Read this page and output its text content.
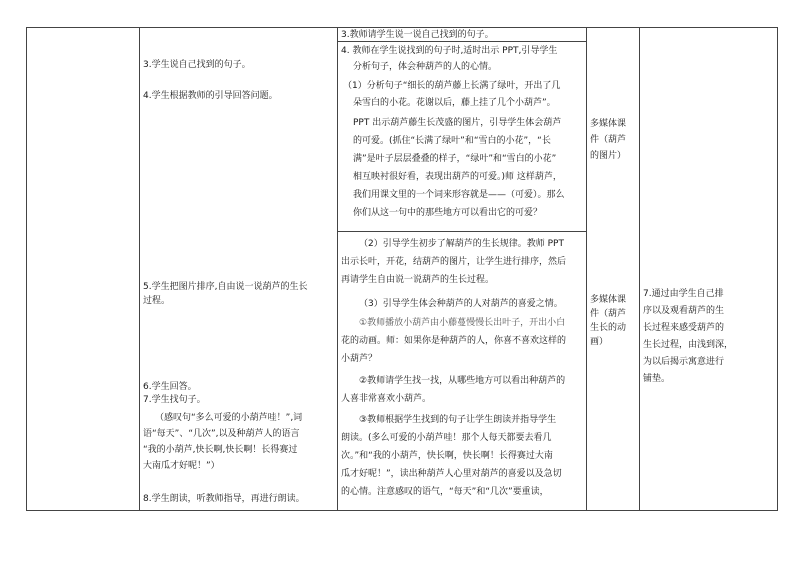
3.学生说自己找到的句子。
4.学生根据教师的引导回答问题。
5.学生把图片排序,自由说一说葫芦的生长
过程。
6.学生回答。
7.学生找句子。
（感叹句“多么可爱的小葫芦哇！”,词
语“每天”、“几次”,以及种葫芦人的语言
“我的小葫芦,快长啊,快长啊！长得赛过
大南瓜才好呢！”）
8.学生朗读，听教师指导，再进行朗读。
3.教师请学生说一说自己找到的句子。
4. 教师在学生说找到的句子时,适时出示 PPT,引导学生
分析句子，体会种葫芦的人的心情。
（1）分析句子“细长的葫芦藤上长满了绿叶，开出了几
朵雪白的小花。花谢以后，藤上挂了几个小葫芦”。
PPT 出示葫芦藤生长茂盛的图片，引导学生体会葫芦
的可爱。(抓住“长满了绿叶”和“雪白的小花”，“长
满”是叶子层层叠叠的样子，“绿叶”和“雪白的小花”
相互映衬很好看，表现出葫芦的可爱。)师 这样葫芦，
我们用课文里的一个词来形容就是——（可爱）。那么
你们从这一句中的那些地方可以看出它的可爱？
（2）引导学生初步了解葫芦的生长规律。教师 PPT
出示长叶，开花，结葫芦的图片，让学生进行排序，然后
再请学生自由说一说葫芦的生长过程。
（3）引导学生体会种葫芦的人对葫芦的喜爱之情。
①教师播放小葫芦由小藤蔓慢慢长出叶子，开出小白
花的动画。师：如果你是种葫芦的人，你喜不喜欢这样的
小葫芦？
②教师请学生找一找，从哪些地方可以看出种葫芦的
人喜非常喜欢小葫芦。
③教师根据学生找到的句子让学生朗读并指导学生
朗读。(多么可爱的小葫芦哇！那个人每天都要去看几
次。”和“我的小葫芦，快长啊，快长啊！长得赛过大南
瓜才好呢！”，读出种葫芦人心里对葫芦的喜爱以及急切
的心情。注意感叹的语气，“每天”和“几次”要重读，
多媒体课
件（葫芦
的图片）
多媒体课
件（葫芦
生长的动
画）
7.通过由学生自己排
序以及观看葫芦的生
长过程来感受葫芦的
生长过程，由浅到深，
为以后揭示寓意进行
铺垫。
